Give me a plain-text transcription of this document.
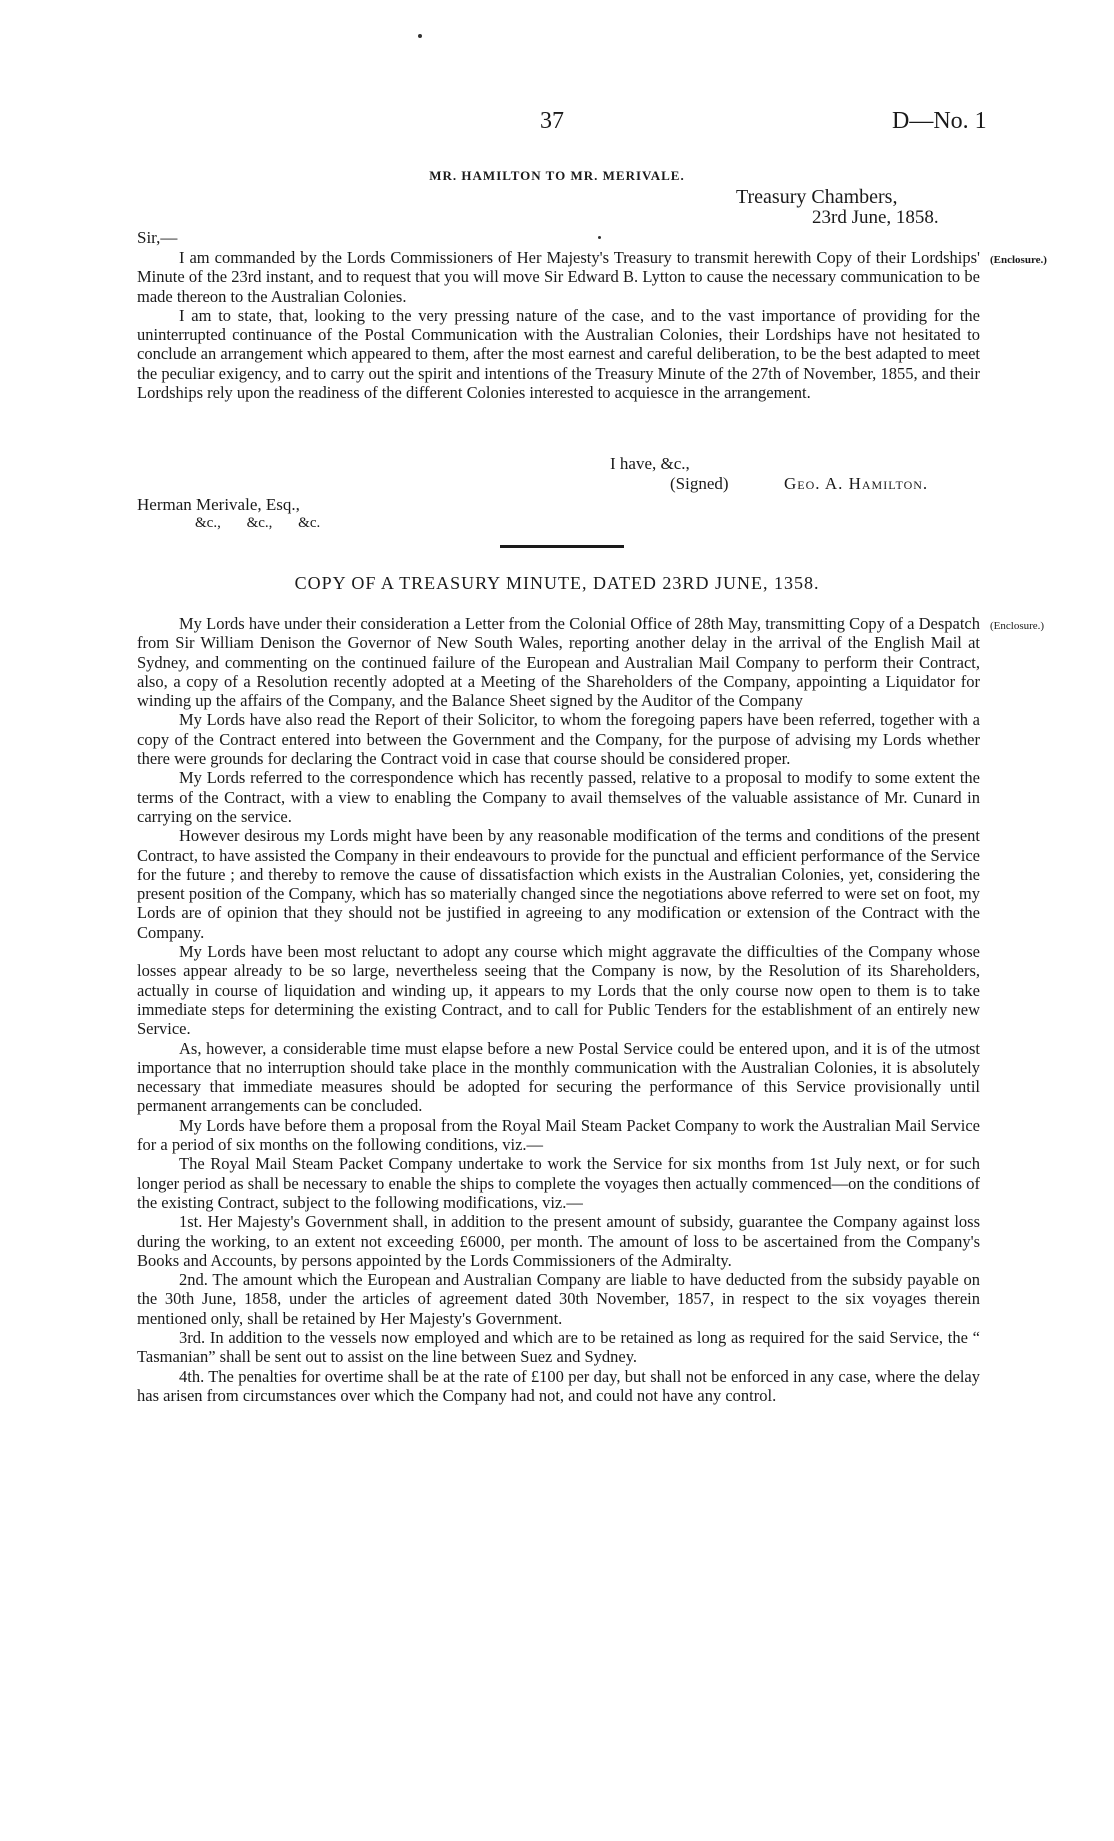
37	D—No. 1
MR. HAMILTON TO MR. MERIVALE.
Treasury Chambers,
23rd June, 1858.
Sir,—
(Enclosure.)

I am commanded by the Lords Commissioners of Her Majesty's Treasury to transmit herewith Copy of their Lordships' Minute of the 23rd instant, and to request that you will move Sir Edward B. Lytton to cause the necessary communication to be made thereon to the Australian Colonies.

I am to state, that, looking to the very pressing nature of the case, and to the vast importance of providing for the uninterrupted continuance of the Postal Communication with the Australian Colonies, their Lordships have not hesitated to conclude an arrangement which appeared to them, after the most earnest and careful deliberation, to be the best adapted to meet the peculiar exigency, and to carry out the spirit and intentions of the Treasury Minute of the 27th of November, 1855, and their Lordships rely upon the readiness of the different Colonies interested to acquiesce in the arrangement.

I have, &c.,
(Signed)	Geo. A. Hamilton.
Herman Merivale, Esq.,
&c., &c., &c.
COPY OF A TREASURY MINUTE, DATED 23RD JUNE, 1358.
(Enclosure.)

My Lords have under their consideration a Letter from the Colonial Office of 28th May, transmitting Copy of a Despatch from Sir William Denison the Governor of New South Wales, reporting another delay in the arrival of the English Mail at Sydney, and commenting on the continued failure of the European and Australian Mail Company to perform their Contract, also, a copy of a Resolution recently adopted at a Meeting of the Shareholders of the Company, appointing a Liquidator for winding up the affairs of the Company, and the Balance Sheet signed by the Auditor of the Company

My Lords have also read the Report of their Solicitor, to whom the foregoing papers have been referred, together with a copy of the Contract entered into between the Government and the Company, for the purpose of advising my Lords whether there were grounds for declaring the Contract void in case that course should be considered proper.

My Lords referred to the correspondence which has recently passed, relative to a proposal to modify to some extent the terms of the Contract, with a view to enabling the Company to avail themselves of the valuable assistance of Mr. Cunard in carrying on the service.

However desirous my Lords might have been by any reasonable modification of the terms and conditions of the present Contract, to have assisted the Company in their endeavours to provide for the punctual and efficient performance of the Service for the future ; and thereby to remove the cause of dissatisfaction which exists in the Australian Colonies, yet, considering the present position of the Company, which has so materially changed since the negotiations above referred to were set on foot, my Lords are of opinion that they should not be justified in agreeing to any modification or extension of the Contract with the Company.

My Lords have been most reluctant to adopt any course which might aggravate the difficulties of the Company whose losses appear already to be so large, nevertheless seeing that the Company is now, by the Resolution of its Shareholders, actually in course of liquidation and winding up, it appears to my Lords that the only course now open to them is to take immediate steps for determining the existing Contract, and to call for Public Tenders for the establishment of an entirely new Service.

As, however, a considerable time must elapse before a new Postal Service could be entered upon, and it is of the utmost importance that no interruption should take place in the monthly communication with the Australian Colonies, it is absolutely necessary that immediate measures should be adopted for securing the performance of this Service provisionally until permanent arrangements can be concluded.

My Lords have before them a proposal from the Royal Mail Steam Packet Company to work the Australian Mail Service for a period of six months on the following conditions, viz.—

The Royal Mail Steam Packet Company undertake to work the Service for six months from 1st July next, or for such longer period as shall be necessary to enable the ships to complete the voyages then actually commenced—on the conditions of the existing Contract, subject to the following modifications, viz.—

1st. Her Majesty's Government shall, in addition to the present amount of subsidy, guarantee the Company against loss during the working, to an extent not exceeding £6000, per month. The amount of loss to be ascertained from the Company's Books and Accounts, by persons appointed by the Lords Commissioners of the Admiralty.

2nd. The amount which the European and Australian Company are liable to have deducted from the subsidy payable on the 30th June, 1858, under the articles of agreement dated 30th November, 1857, in respect to the six voyages therein mentioned only, shall be retained by Her Majesty's Government.

3rd. In addition to the vessels now employed and which are to be retained as long as required for the said Service, the “ Tasmanian” shall be sent out to assist on the line between Suez and Sydney.

4th. The penalties for overtime shall be at the rate of £100 per day, but shall not be enforced in any case, where the delay has arisen from circumstances over which the Company had not, and could not have any control.
